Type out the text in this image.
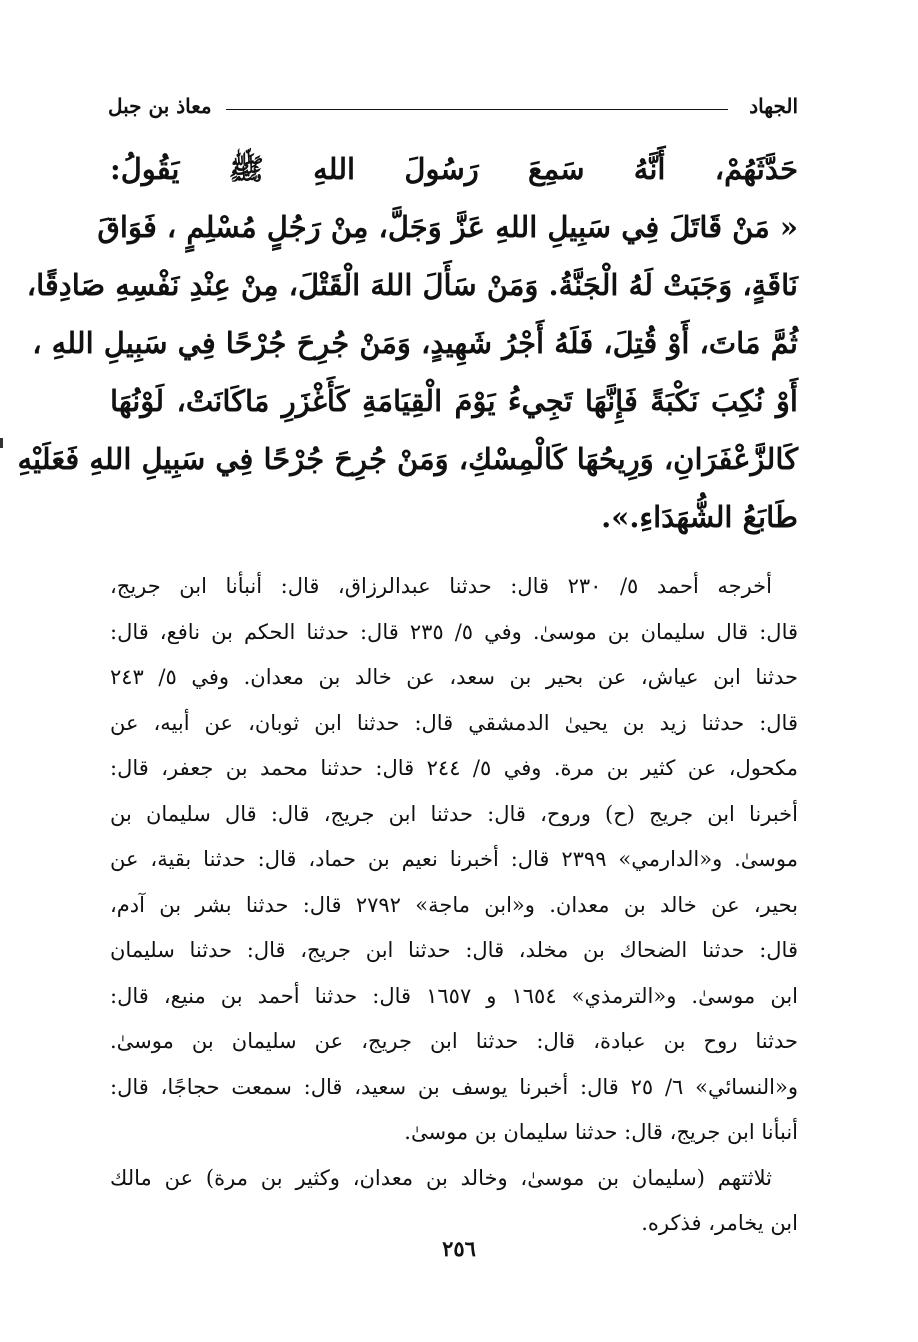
الجهاد
معاذ بن جبل
حَدَّثَهُمْ، أَنَّهُ سَمِعَ رَسُولَ اللهِ ﷺ يَقُولُ:
« مَنْ قَاتَلَ فِي سَبِيلِ اللهِ عَزَّ وَجَلَّ، مِنْ رَجُلٍ مُسْلِمٍ ، فَوَاقَ
نَاقَةٍ، وَجَبَتْ لَهُ الْجَنَّةُ. وَمَنْ سَأَلَ اللهَ الْقَتْلَ، مِنْ عِنْدِ نَفْسِهِ صَادِقًا،
ثُمَّ مَاتَ، أَوْ قُتِلَ، فَلَهُ أَجْرُ شَهِيدٍ، وَمَنْ جُرِحَ جُرْحًا فِي سَبِيلِ اللهِ ،
أَوْ نُكِبَ نَكْبَةً فَإِنَّهَا تَجِيءُ يَوْمَ الْقِيَامَةِ كَأَغْزَرِ مَاكَانَتْ، لَوْنُهَا
كَالزَّعْفَرَانِ، وَرِيحُهَا كَالْمِسْكِ، وَمَنْ جُرِحَ جُرْحًا فِي سَبِيلِ اللهِ فَعَلَيْهِ
طَابَعُ الشُّهَدَاءِ.».
أخرجه أحمد ٥/ ٢٣٠ قال: حدثنا عبدالرزاق، قال: أنبأنا ابن جريج،
قال: قال سليمان بن موسىٰ. وفي ٥/ ٢٣٥ قال: حدثنا الحكم بن نافع، قال:
حدثنا ابن عياش، عن بحير بن سعد، عن خالد بن معدان. وفي ٥/ ٢٤٣
قال: حدثنا زيد بن يحيىٰ الدمشقي قال: حدثنا ابن ثوبان، عن أبيه، عن
مكحول، عن كثير بن مرة. وفي ٥/ ٢٤٤ قال: حدثنا محمد بن جعفر، قال:
أخبرنا ابن جريج (ح) وروح، قال: حدثنا ابن جريج، قال: قال سليمان بن
موسىٰ. و«الدارمي» ٢٣٩٩ قال: أخبرنا نعيم بن حماد، قال: حدثنا بقية، عن
بحير، عن خالد بن معدان. و«ابن ماجة» ٢٧٩٢ قال: حدثنا بشر بن آدم،
قال: حدثنا الضحاك بن مخلد، قال: حدثنا ابن جريج، قال: حدثنا سليمان
ابن موسىٰ. و«الترمذي» ١٦٥٤ و ١٦٥٧ قال: حدثنا أحمد بن منيع، قال:
حدثنا روح بن عبادة، قال: حدثنا ابن جريج، عن سليمان بن موسىٰ.
و«النسائي» ٦/ ٢٥ قال: أخبرنا يوسف بن سعيد، قال: سمعت حجاجًا، قال:
أنبأنا ابن جريج، قال: حدثنا سليمان بن موسىٰ.
ثلاثتهم (سليمان بن موسىٰ، وخالد بن معدان، وكثير بن مرة) عن مالك
ابن يخامر، فذكره.
٢٥٦
